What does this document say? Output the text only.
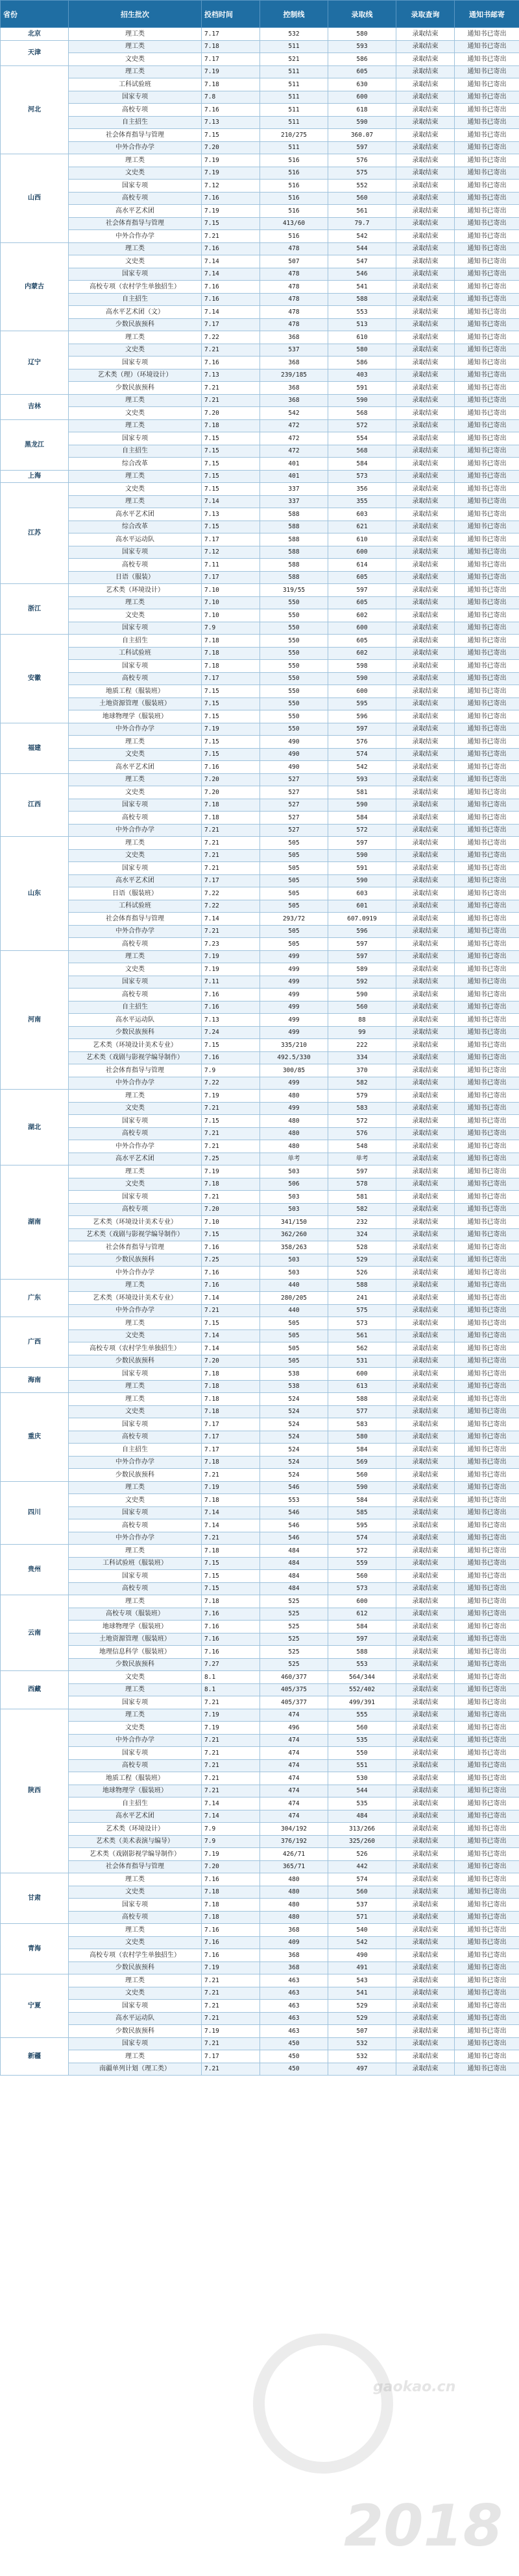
省份	招生批次	投档时间	控制线	录取线	录取查询	通知书邮寄
北京	理工类	7.17	532	580	录取结束	通知书已寄出
天津	理工类	7.18	511	593	录取结束	通知书已寄出
	文史类	7.17	521	586	录取结束	通知书已寄出
河北	理工类	7.19	511	605	录取结束	通知书已寄出
	工科试验班	7.18	511	630	录取结束	通知书已寄出
	国家专项	7.8	511	600	录取结束	通知书已寄出
	高校专项	7.16	511	618	录取结束	通知书已寄出
	自主招生	7.13	511	590	录取结束	通知书已寄出
	社会体育指导与管理	7.15	210/275	360.07	录取结束	通知书已寄出
	中外合作办学	7.20	511	597	录取结束	通知书已寄出
山西	理工类	7.19	516	576	录取结束	通知书已寄出
	文史类	7.19	516	575	录取结束	通知书已寄出
	国家专项	7.12	516	552	录取结束	通知书已寄出
	高校专项	7.16	516	560	录取结束	通知书已寄出
	高水平艺术团	7.19	516	561	录取结束	通知书已寄出
	社会体育指导与管理	7.15	413/60	79.7	录取结束	通知书已寄出
	中外合作办学	7.21	516	542	录取结束	通知书已寄出
内蒙古	理工类	7.16	478	544	录取结束	通知书已寄出
	文史类	7.14	507	547	录取结束	通知书已寄出
	国家专项	7.14	478	546	录取结束	通知书已寄出
	高校专项（农村学生单独招生）	7.16	478	541	录取结束	通知书已寄出
	自主招生	7.16	478	588	录取结束	通知书已寄出
	高水平艺术团（文）	7.14	478	553	录取结束	通知书已寄出
	少数民族预科	7.17	478	513	录取结束	通知书已寄出
辽宁	理工类	7.22	368	610	录取结束	通知书已寄出
	文史类	7.21	537	580	录取结束	通知书已寄出
	国家专项	7.16	368	586	录取结束	通知书已寄出
	艺术类（理）（环境设计）	7.13	239/185	403	录取结束	通知书已寄出
	少数民族预科	7.21	368	591	录取结束	通知书已寄出
吉林	理工类	7.21	368	590	录取结束	通知书已寄出
	文史类	7.20	542	568	录取结束	通知书已寄出
黑龙江	理工类	7.18	472	572	录取结束	通知书已寄出
	国家专项	7.15	472	554	录取结束	通知书已寄出
	自主招生	7.15	472	568	录取结束	通知书已寄出
	综合改革	7.15	401	584	录取结束	通知书已寄出
上海	理工类	7.15	401	573	录取结束	通知书已寄出
江苏	文史类	7.15	337	356	录取结束	通知书已寄出
	理工类	7.14	337	355	录取结束	通知书已寄出
	高水平艺术团	7.13	588	603	录取结束	通知书已寄出
	综合改革	7.15	588	621	录取结束	通知书已寄出
	高水平运动队	7.17	588	610	录取结束	通知书已寄出
	国家专项	7.12	588	600	录取结束	通知书已寄出
	高校专项	7.11	588	614	录取结束	通知书已寄出
	日语（服装）	7.17	588	605	录取结束	通知书已寄出
浙江	艺术类（环境设计）	7.10	319/55	597	录取结束	通知书已寄出
	理工类	7.10	550	605	录取结束	通知书已寄出
	文史类	7.10	550	602	录取结束	通知书已寄出
	国家专项	7.9	550	600	录取结束	通知书已寄出
安徽	自主招生	7.18	550	605	录取结束	通知书已寄出
	工科试验班	7.18	550	602	录取结束	通知书已寄出
	国家专项	7.18	550	598	录取结束	通知书已寄出
	高校专项	7.17	550	590	录取结束	通知书已寄出
	地质工程（服装班）	7.15	550	600	录取结束	通知书已寄出
	土地资源管理（服装班）	7.15	550	595	录取结束	通知书已寄出
	地球物理学（服装班）	7.15	550	596	录取结束	通知书已寄出
福建	中外合作办学	7.19	550	597	录取结束	通知书已寄出
	理工类	7.15	490	576	录取结束	通知书已寄出
	文史类	7.15	490	574	录取结束	通知书已寄出
	高水平艺术团	7.16	490	542	录取结束	通知书已寄出
江西	理工类	7.20	527	593	录取结束	通知书已寄出
	文史类	7.20	527	581	录取结束	通知书已寄出
	国家专项	7.18	527	590	录取结束	通知书已寄出
	高校专项	7.18	527	584	录取结束	通知书已寄出
	中外合作办学	7.21	527	572	录取结束	通知书已寄出
山东	理工类	7.21	505	597	录取结束	通知书已寄出
	文史类	7.21	505	590	录取结束	通知书已寄出
	国家专项	7.21	505	591	录取结束	通知书已寄出
	高水平艺术团	7.17	505	590	录取结束	通知书已寄出
	日语（服装班）	7.22	505	603	录取结束	通知书已寄出
	工科试验班	7.22	505	601	录取结束	通知书已寄出
	社会体育指导与管理	7.14	293/72	607.0919	录取结束	通知书已寄出
	中外合作办学	7.21	505	596	录取结束	通知书已寄出
	高校专项	7.23	505	597	录取结束	通知书已寄出
河南	理工类	7.19	499	597	录取结束	通知书已寄出
	文史类	7.19	499	589	录取结束	通知书已寄出
	国家专项	7.11	499	592	录取结束	通知书已寄出
	高校专项	7.16	499	590	录取结束	通知书已寄出
	自主招生	7.16	499	560	录取结束	通知书已寄出
	高水平运动队	7.13	499	88	录取结束	通知书已寄出
	少数民族预科	7.24	499	99	录取结束	通知书已寄出
	艺术类（环境设计美术专业）	7.15	335/210	222	录取结束	通知书已寄出
	艺术类（戏剧与影视学编导制作）	7.16	492.5/330	334	录取结束	通知书已寄出
	社会体育指导与管理	7.9	300/85	370	录取结束	通知书已寄出
	中外合作办学	7.22	499	582	录取结束	通知书已寄出
湖北	理工类	7.19	480	579	录取结束	通知书已寄出
	文史类	7.21	499	583	录取结束	通知书已寄出
	国家专项	7.15	480	572	录取结束	通知书已寄出
	高校专项	7.21	480	576	录取结束	通知书已寄出
	中外合作办学	7.21	480	548	录取结束	通知书已寄出
	高水平艺术团	7.25	单考	单考	录取结束	通知书已寄出
湖南	理工类	7.19	503	597	录取结束	通知书已寄出
	文史类	7.18	506	578	录取结束	通知书已寄出
	国家专项	7.21	503	581	录取结束	通知书已寄出
	高校专项	7.20	503	582	录取结束	通知书已寄出
	艺术类（环境设计美术专业）	7.10	341/150	232	录取结束	通知书已寄出
	艺术类（戏剧与影视学编导制作）	7.15	362/260	324	录取结束	通知书已寄出
	社会体育指导与管理	7.16	358/263	528	录取结束	通知书已寄出
	少数民族预科	7.25	503	529	录取结束	通知书已寄出
	中外合作办学	7.16	503	526	录取结束	通知书已寄出
广东	理工类	7.16	440	588	录取结束	通知书已寄出
	艺术类（环境设计美术专业）	7.14	280/205	241	录取结束	通知书已寄出
	中外合作办学	7.21	440	575	录取结束	通知书已寄出
广西	理工类	7.15	505	573	录取结束	通知书已寄出
	文史类	7.14	505	561	录取结束	通知书已寄出
	高校专项（农村学生单独招生）	7.14	505	562	录取结束	通知书已寄出
	少数民族预科	7.20	505	531	录取结束	通知书已寄出
海南	国家专项	7.18	538	600	录取结束	通知书已寄出
	理工类	7.18	538	613	录取结束	通知书已寄出
重庆	理工类	7.18	524	588	录取结束	通知书已寄出
	文史类	7.18	524	577	录取结束	通知书已寄出
	国家专项	7.17	524	583	录取结束	通知书已寄出
	高校专项	7.17	524	580	录取结束	通知书已寄出
	自主招生	7.17	524	584	录取结束	通知书已寄出
	中外合作办学	7.18	524	569	录取结束	通知书已寄出
	少数民族预科	7.21	524	560	录取结束	通知书已寄出
四川	理工类	7.19	546	590	录取结束	通知书已寄出
	文史类	7.18	553	584	录取结束	通知书已寄出
	国家专项	7.14	546	585	录取结束	通知书已寄出
	高校专项	7.14	546	595	录取结束	通知书已寄出
	中外合作办学	7.21	546	574	录取结束	通知书已寄出
贵州	理工类	7.18	484	572	录取结束	通知书已寄出
	工科试验班（服装班）	7.15	484	559	录取结束	通知书已寄出
	国家专项	7.15	484	560	录取结束	通知书已寄出
	高校专项	7.15	484	573	录取结束	通知书已寄出
云南	理工类	7.18	525	600	录取结束	通知书已寄出
	高校专项（服装班）	7.16	525	612	录取结束	通知书已寄出
	地球物理学（服装班）	7.16	525	584	录取结束	通知书已寄出
	土地资源管理（服装班）	7.16	525	597	录取结束	通知书已寄出
	地理信息科学（服装班）	7.16	525	588	录取结束	通知书已寄出
	少数民族预科	7.27	525	553	录取结束	通知书已寄出
西藏	文史类	8.1	460/377	564/344	录取结束	通知书已寄出
	理工类	8.1	405/375	552/402	录取结束	通知书已寄出
	国家专项	7.21	405/377	499/391	录取结束	通知书已寄出
陕西	理工类	7.19	474	555	录取结束	通知书已寄出
	文史类	7.19	496	560	录取结束	通知书已寄出
	中外合作办学	7.21	474	535	录取结束	通知书已寄出
	国家专项	7.21	474	550	录取结束	通知书已寄出
	高校专项	7.21	474	551	录取结束	通知书已寄出
	地质工程（服装班）	7.21	474	530	录取结束	通知书已寄出
	地球物理学（服装班）	7.21	474	544	录取结束	通知书已寄出
	自主招生	7.14	474	535	录取结束	通知书已寄出
	高水平艺术团	7.14	474	484	录取结束	通知书已寄出
	艺术类（环境设计）	7.9	304/192	313/266	录取结束	通知书已寄出
	艺术类（美术表演与编导）	7.9	376/192	325/260	录取结束	通知书已寄出
	艺术类（戏剧影视学编导制作）	7.19	426/71	526	录取结束	通知书已寄出
	社会体育指导与管理	7.20	365/71	442	录取结束	通知书已寄出
甘肃	理工类	7.16	480	574	录取结束	通知书已寄出
	文史类	7.18	480	560	录取结束	通知书已寄出
	国家专项	7.18	480	537	录取结束	通知书已寄出
	高校专项	7.18	480	571	录取结束	通知书已寄出
青海	理工类	7.16	368	540	录取结束	通知书已寄出
	文史类	7.16	409	542	录取结束	通知书已寄出
	高校专项（农村学生单独招生）	7.16	368	490	录取结束	通知书已寄出
	少数民族预科	7.19	368	491	录取结束	通知书已寄出
宁夏	理工类	7.21	463	543	录取结束	通知书已寄出
	文史类	7.21	463	541	录取结束	通知书已寄出
	国家专项	7.21	463	529	录取结束	通知书已寄出
	高水平运动队	7.21	463	529	录取结束	通知书已寄出
	少数民族预科	7.19	463	507	录取结束	通知书已寄出
新疆	国家专项	7.21	450	532	录取结束	通知书已寄出
	理工类	7.17	450	532	录取结束	通知书已寄出
	南疆单列计划（理工类）	7.21	450	497	录取结束	通知书已寄出
2018
gaokao.cn
